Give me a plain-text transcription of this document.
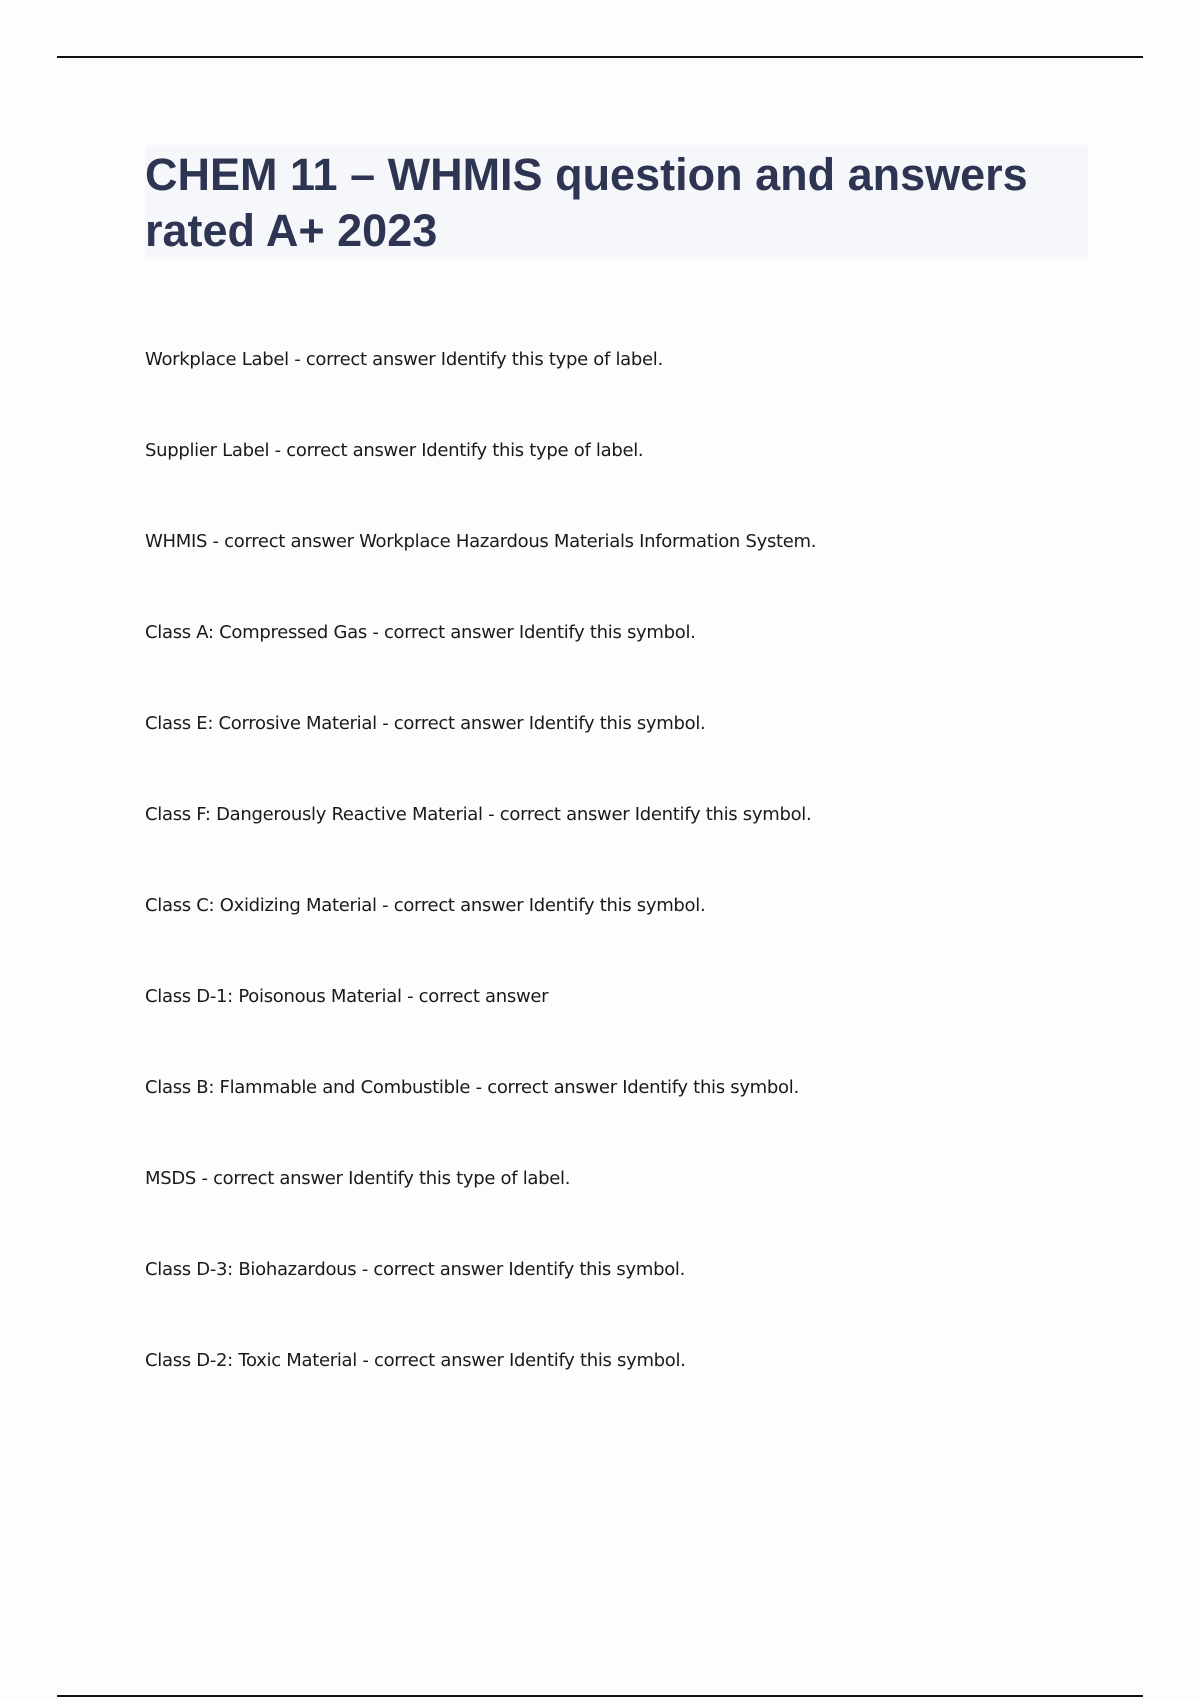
CHEM 11 – WHMIS question and answers rated A+ 2023
Workplace Label - correct answer Identify this type of label.
Supplier Label - correct answer Identify this type of label.
WHMIS - correct answer Workplace Hazardous Materials Information System.
Class A: Compressed Gas - correct answer Identify this symbol.
Class E: Corrosive Material - correct answer Identify this symbol.
Class F: Dangerously Reactive Material - correct answer Identify this symbol.
Class C: Oxidizing Material - correct answer Identify this symbol.
Class D-1: Poisonous Material - correct answer
Class B: Flammable and Combustible - correct answer Identify this symbol.
MSDS - correct answer Identify this type of label.
Class D-3: Biohazardous - correct answer Identify this symbol.
Class D-2: Toxic Material - correct answer Identify this symbol.
